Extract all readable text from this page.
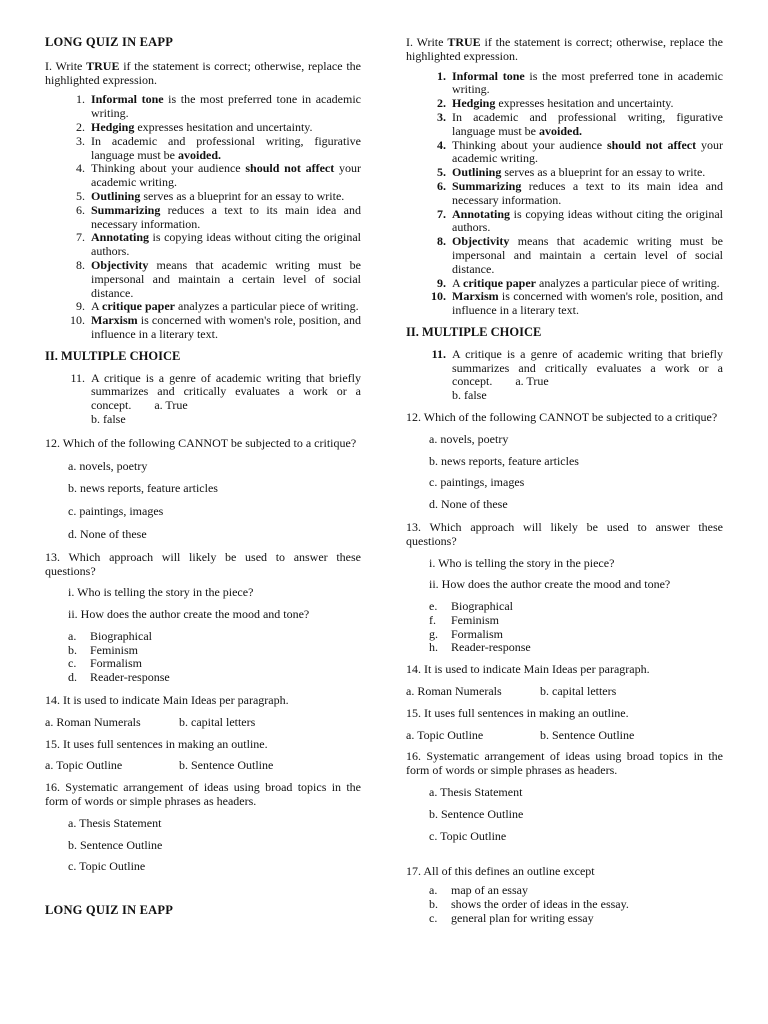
LONG QUIZ IN EAPP

I. Write TRUE if the statement is correct; otherwise, replace the highlighted expression.

1. Informal tone is the most preferred tone in academic writing.
2. Hedging expresses hesitation and uncertainty.
3. In academic and professional writing, figurative language must be avoided.
4. Thinking about your audience should not affect your academic writing.
5. Outlining serves as a blueprint for an essay to write.
6. Summarizing reduces a text to its main idea and necessary information.
7. Annotating is copying ideas without citing the original authors.
8. Objectivity means that academic writing must be impersonal and maintain a certain level of social distance.
9. A critique paper analyzes a particular piece of writing.
10. Marxism is concerned with women's role, position, and influence in a literary text.
II. MULTIPLE CHOICE
11. A critique is a genre of academic writing that briefly summarizes and critically evaluates a work or a concept. a. True
b. false

12. Which of the following CANNOT be subjected to a critique?

a. novels, poetry

b. news reports, feature articles

c. paintings, images

d. None of these

13. Which approach will likely be used to answer these questions?

i. Who is telling the story in the piece?

ii. How does the author create the mood and tone?

a.	Biographical
b.	Feminism
c.	Formalism
d.	Reader-response

14. It is used to indicate Main Ideas per paragraph.

a. Roman Numerals	b. capital letters

15. It uses full sentences in making an outline.

a. Topic Outline	b. Sentence Outline

16. Systematic arrangement of ideas using broad topics in the form of words or simple phrases as headers.

a. Thesis Statement

b. Sentence Outline

c. Topic Outline

LONG QUIZ IN EAPP

I. Write TRUE if the statement is correct; otherwise, replace the highlighted expression.

1. Informal tone is the most preferred tone in academic writing.
2. Hedging expresses hesitation and uncertainty.
3. In academic and professional writing, figurative language must be avoided.
4. Thinking about your audience should not affect your academic writing.
5. Outlining serves as a blueprint for an essay to write.
6. Summarizing reduces a text to its main idea and necessary information.
7. Annotating is copying ideas without citing the original authors.
8. Objectivity means that academic writing must be impersonal and maintain a certain level of social distance.
9. A critique paper analyzes a particular piece of writing.
10. Marxism is concerned with women's role, position, and influence in a literary text.
II. MULTIPLE CHOICE
11. A critique is a genre of academic writing that briefly summarizes and critically evaluates a work or a concept. a. True
b. false

12. Which of the following CANNOT be subjected to a critique?

a. novels, poetry

b. news reports, feature articles

c. paintings, images

d. None of these

13. Which approach will likely be used to answer these questions?

i. Who is telling the story in the piece?

ii. How does the author create the mood and tone?

e.	Biographical
f.	Feminism
g.	Formalism
h.	Reader-response

14. It is used to indicate Main Ideas per paragraph.

a. Roman Numerals	b. capital letters

15. It uses full sentences in making an outline.

a. Topic Outline	b. Sentence Outline

16. Systematic arrangement of ideas using broad topics in the form of words or simple phrases as headers.

a. Thesis Statement

b. Sentence Outline

c. Topic Outline

17. All of this defines an outline except

a.	map of an essay
b.	shows the order of ideas in the essay.
c.	general plan for writing essay
